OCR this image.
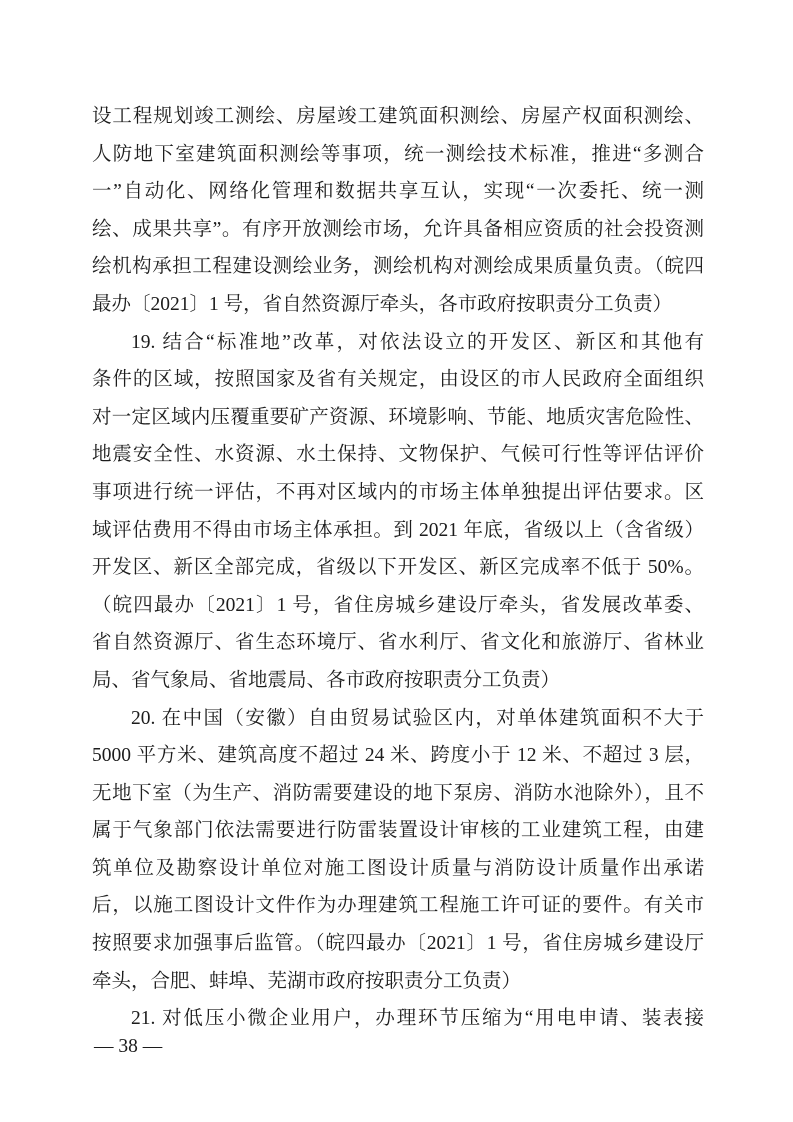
设工程规划竣工测绘、房屋竣工建筑面积测绘、房屋产权面积测绘、
人防地下室建筑面积测绘等事项，统一测绘技术标准，推进“多测合
一”自动化、网络化管理和数据共享互认，实现“一次委托、统一测
绘、成果共享”。有序开放测绘市场，允许具备相应资质的社会投资测
绘机构承担工程建设测绘业务，测绘机构对测绘成果质量负责。（皖四
最办〔2021〕1 号，省自然资源厅牵头，各市政府按职责分工负责）

19. 结合“标准地”改革，对依法设立的开发区、新区和其他有
条件的区域，按照国家及省有关规定，由设区的市人民政府全面组织
对一定区域内压覆重要矿产资源、环境影响、节能、地质灾害危险性、
地震安全性、水资源、水土保持、文物保护、气候可行性等评估评价
事项进行统一评估，不再对区域内的市场主体单独提出评估要求。区
域评估费用不得由市场主体承担。到 2021 年底，省级以上（含省级）
开发区、新区全部完成，省级以下开发区、新区完成率不低于 50%。
（皖四最办〔2021〕1 号，省住房城乡建设厅牵头，省发展改革委、
省自然资源厅、省生态环境厅、省水利厅、省文化和旅游厅、省林业
局、省气象局、省地震局、各市政府按职责分工负责）

20. 在中国（安徽）自由贸易试验区内，对单体建筑面积不大于
5000 平方米、建筑高度不超过 24 米、跨度小于 12 米、不超过 3 层，
无地下室（为生产、消防需要建设的地下泵房、消防水池除外），且不
属于气象部门依法需要进行防雷装置设计审核的工业建筑工程，由建
筑单位及勘察设计单位对施工图设计质量与消防设计质量作出承诺
后，以施工图设计文件作为办理建筑工程施工许可证的要件。有关市
按照要求加强事后监管。（皖四最办〔2021〕1 号，省住房城乡建设厅
牵头，合肥、蚌埠、芜湖市政府按职责分工负责）

21. 对低压小微企业用户，办理环节压缩为“用电申请、装表接

— 38 —
